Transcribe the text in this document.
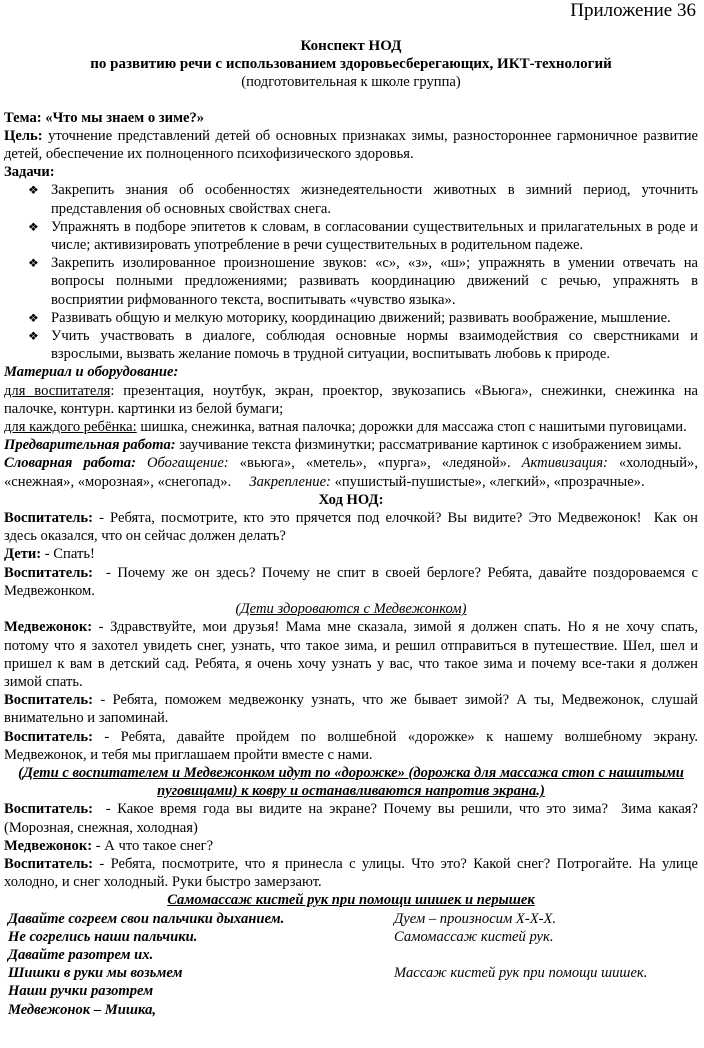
Приложение 36
Конспект НОД
по развитию речи с использованием здоровьесберегающих, ИКТ-технологий
(подготовительная к школе группа)

Тема: «Что мы знаем о зиме?»

Цель: уточнение представлений детей об основных признаках зимы, разностороннее гармоничное развитие детей, обеспечение их полноценного психофизического здоровья.

Задачи:

❖ Закрепить знания об особенностях жизнедеятельности животных в зимний период, уточнить представления об основных свойствах снега.
❖ Упражнять в подборе эпитетов к словам, в согласовании существительных и прилагательных в роде и числе; активизировать употребление в речи существительных в родительном падеже.
❖ Закрепить изолированное произношение звуков: «с», «з», «ш»; упражнять в умении отвечать на вопросы полными предложениями; развивать координацию движений с речью, упражнять в восприятии рифмованного текста, воспитывать «чувство языка».
❖ Развивать общую и мелкую моторику, координацию движений; развивать воображение, мышление.
❖ Учить участвовать в диалоге, соблюдая основные нормы взаимодействия со сверстниками и взрослыми, вызвать желание помочь в трудной ситуации, воспитывать любовь к природе.

Материал и оборудование:

для воспитателя: презентация, ноутбук, экран, проектор, звукозапись «Вьюга», снежинки, снежинка на палочке, контурн. картинки из белой бумаги;

для каждого ребёнка: шишка, снежинка, ватная палочка; дорожки для массажа стоп с нашитыми пуговицами.

Предварительная работа: заучивание текста физминутки; рассматривание картинок с изображением зимы.

Словарная работа: Обогащение: «вьюга», «метель», «пурга», «ледяной». Активизация: «холодный», «снежная», «морозная», «снегопад».     Закрепление: «пушистый-пушистые», «легкий», «прозрачные».

Ход НОД:

Воспитатель: - Ребята, посмотрите, кто это прячется под елочкой? Вы видите? Это Медвежонок!  Как он здесь оказался, что он сейчас должен делать?

Дети: - Спать!

Воспитатель:  - Почему же он здесь? Почему не спит в своей берлоге? Ребята, давайте поздороваемся с Медвежонком.

(Дети здороваются с Медвежонком)

Медвежонок: - Здравствуйте, мои друзья! Мама мне сказала, зимой я должен спать. Но я не хочу спать, потому что я захотел увидеть снег, узнать, что такое зима, и решил отправиться в путешествие. Шел, шел и пришел к вам в детский сад. Ребята, я очень хочу узнать у вас, что такое зима и почему все-таки я должен зимой спать.

Воспитатель: - Ребята, поможем медвежонку узнать, что же бывает зимой? А ты, Медвежонок, слушай внимательно и запоминай.

Воспитатель: - Ребята, давайте пройдем по волшебной «дорожке» к нашему волшебному экрану. Медвежонок, и тебя мы приглашаем пройти вместе с нами.

(Дети с воспитателем и Медвежонком идут по «дорожке» (дорожка для массажа стоп с нашитыми пуговицами) к ковру и останавливаются напротив экрана.)

Воспитатель:  - Какое время года вы видите на экране? Почему вы решили, что это зима?  Зима какая? (Морозная, снежная, холодная)

Медвежонок: - А что такое снег?

Воспитатель: - Ребята, посмотрите, что я принесла с улицы. Что это? Какой снег? Потрогайте. На улице холодно, и снег холодный. Руки быстро замерзают.

Самомассаж кистей рук при помощи шишек и перышек

Давайте согреем свои пальчики дыханием.	Дуем – произносим Х-Х-Х.
Не согрелись наши пальчики.	Самомассаж кистей рук.
Давайте разотрем их.
Шишки в руки мы возьмем	Массаж кистей рук при помощи шишек.
Наши ручки разотрем
Медвежонок – Мишка,
